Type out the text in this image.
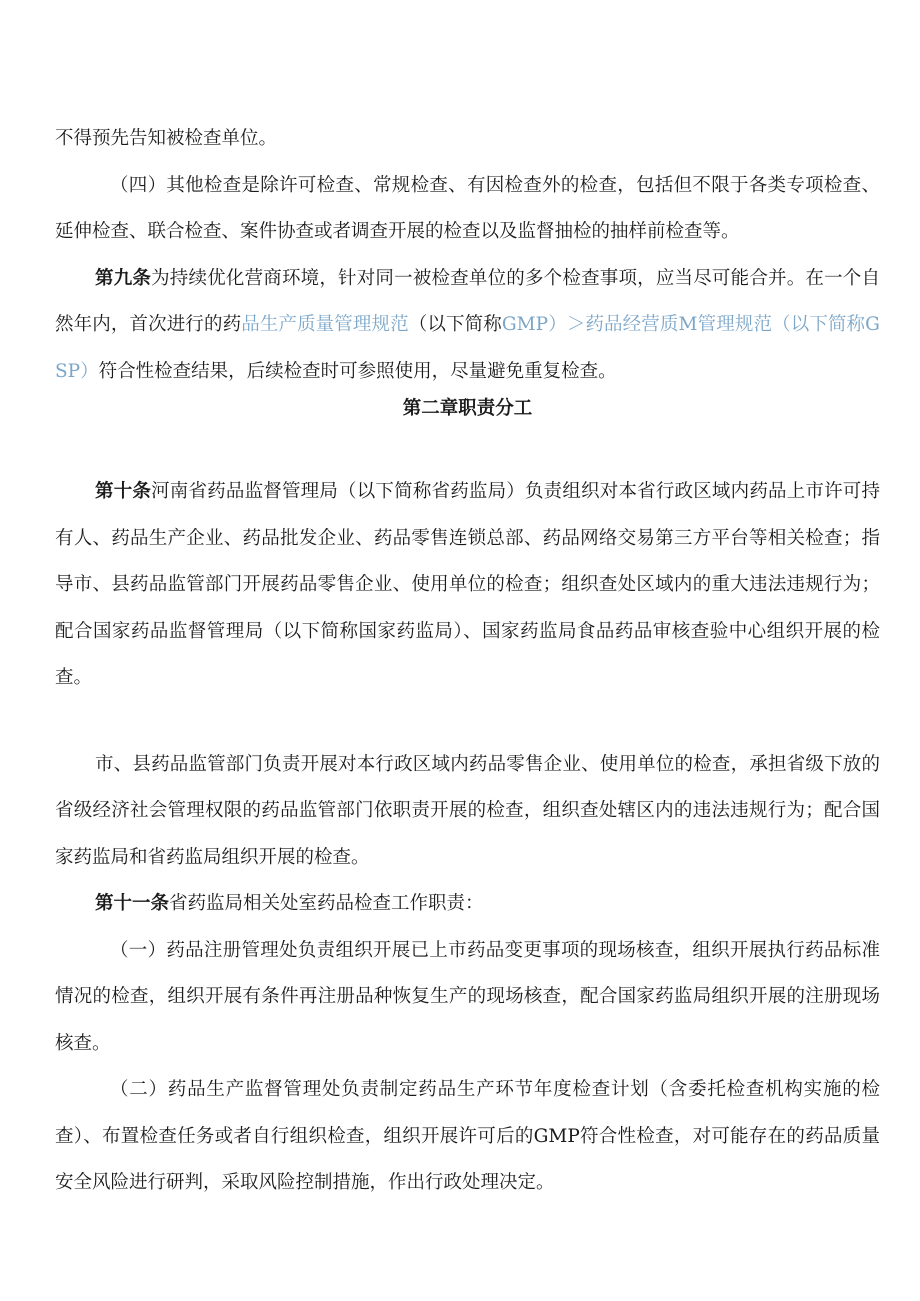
不得预先告知被检查单位。

（四）其他检查是除许可检查、常规检查、有因检查外的检查，包括但不限于各类专项检查、延伸检查、联合检查、案件协查或者调查开展的检查以及监督抽检的抽样前检查等。

第九条为持续优化营商环境，针对同一被检查单位的多个检查事项，应当尽可能合并。在一个自然年内，首次进行的药品生产质量管理规范（以下简称GMP）＞药品经营质M管理规范（以下简称GSP）符合性检查结果，后续检查时可参照使用，尽量避免重复检查。

第二章职责分工

第十条河南省药品监督管理局（以下简称省药监局）负责组织对本省行政区域内药品上市许可持有人、药品生产企业、药品批发企业、药品零售连锁总部、药品网络交易第三方平台等相关检查；指导市、县药品监管部门开展药品零售企业、使用单位的检查；组织查处区域内的重大违法违规行为；配合国家药品监督管理局（以下简称国家药监局）、国家药监局食品药品审核查验中心组织开展的检查。

市、县药品监管部门负责开展对本行政区域内药品零售企业、使用单位的检查，承担省级下放的省级经济社会管理权限的药品监管部门依职责开展的检查，组织查处辖区内的违法违规行为；配合国家药监局和省药监局组织开展的检查。

第十一条省药监局相关处室药品检查工作职责：

（一）药品注册管理处负责组织开展已上市药品变更事项的现场核查，组织开展执行药品标准情况的检查，组织开展有条件再注册品种恢复生产的现场核查，配合国家药监局组织开展的注册现场核查。

（二）药品生产监督管理处负责制定药品生产环节年度检查计划（含委托检查机构实施的检查）、布置检查任务或者自行组织检查，组织开展许可后的GMP符合性检查，对可能存在的药品质量安全风险进行研判，采取风险控制措施，作出行政处理决定。
